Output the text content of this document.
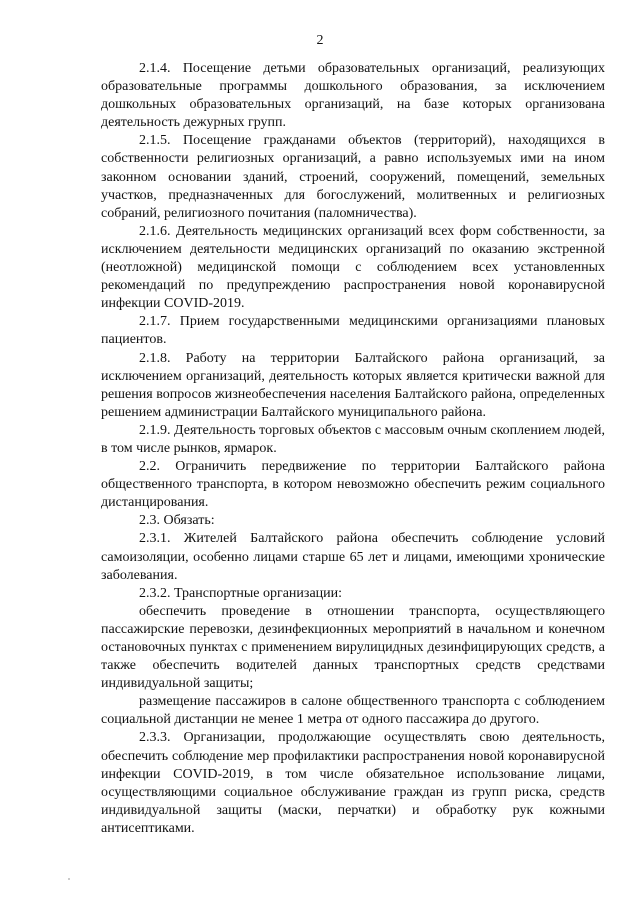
2

2.1.4. Посещение детьми образовательных организаций, реализующих образовательные программы дошкольного образования, за исключением дошкольных образовательных организаций, на базе которых организована деятельность дежурных групп.

2.1.5. Посещение гражданами объектов (территорий), находящихся в собственности религиозных организаций, а равно используемых ими на ином законном основании зданий, строений, сооружений, помещений, земельных участков, предназначенных для богослужений, молитвенных и религиозных собраний, религиозного почитания (паломничества).

2.1.6. Деятельность медицинских организаций всех форм собственности, за исключением деятельности медицинских организаций по оказанию экстренной (неотложной) медицинской помощи с соблюдением всех установленных рекомендаций по предупреждению распространения новой коронавирусной инфекции COVID-2019.

2.1.7. Прием государственными медицинскими организациями плановых пациентов.

2.1.8. Работу на территории Балтайского района организаций, за исключением организаций, деятельность которых является критически важной для решения вопросов жизнеобеспечения населения Балтайского района, определенных решением администрации Балтайского муниципального района.

2.1.9. Деятельность торговых объектов с массовым очным скоплением людей, в том числе рынков, ярмарок.

2.2. Ограничить передвижение по территории Балтайского района общественного транспорта, в котором невозможно обеспечить режим социального дистанцирования.

2.3. Обязать:

2.3.1. Жителей Балтайского района обеспечить соблюдение условий самоизоляции, особенно лицами старше 65 лет и лицами, имеющими хронические заболевания.

2.3.2. Транспортные организации:

обеспечить проведение в отношении транспорта, осуществляющего пассажирские перевозки, дезинфекционных мероприятий в начальном и конечном остановочных пунктах с применением вирулицидных дезинфицирующих средств, а также обеспечить водителей данных транспортных средств средствами индивидуальной защиты;

размещение пассажиров в салоне общественного транспорта с соблюдением социальной дистанции не менее 1 метра от одного пассажира до другого.

2.3.3. Организации, продолжающие осуществлять свою деятельность, обеспечить соблюдение мер профилактики распространения новой коронавирусной инфекции COVID-2019, в том числе обязательное использование лицами, осуществляющими социальное обслуживание граждан из групп риска, средств индивидуальной защиты (маски, перчатки) и обработку рук кожными антисептиками.
